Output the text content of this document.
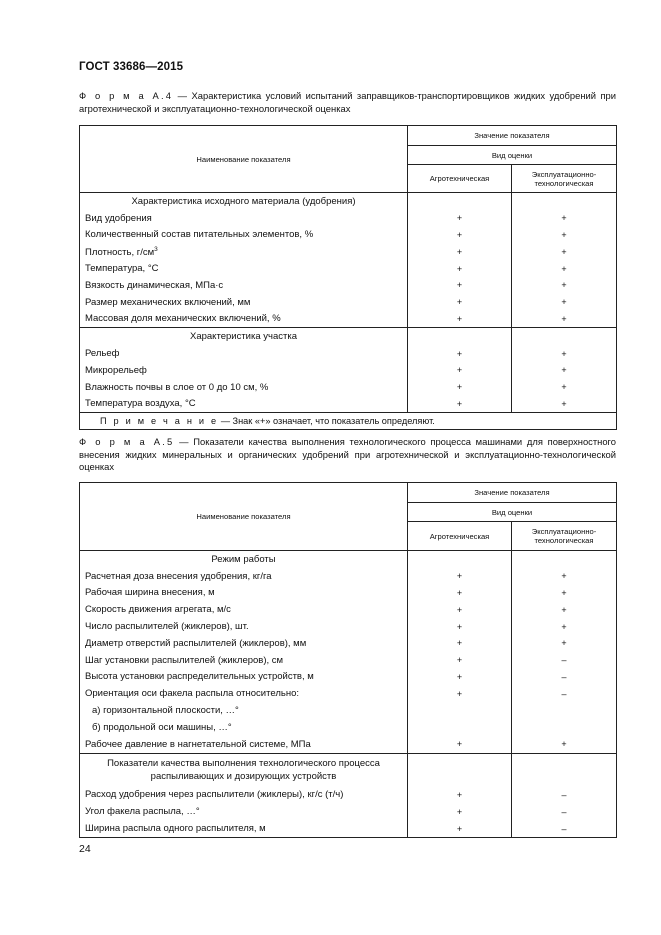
ГОСТ 33686—2015
Ф о р м а А.4 — Характеристика условий испытаний заправщиков-транспортировщиков жидких удобрений при агротехнической и эксплуатационно-технологической оценках
Наименование показателя	Значение показателя	
	Вид оценки	
	Агротехническая	Эксплуатационно-технологическая
Характеристика исходного материала (удобрения)		
Вид удобрения	+	+
Количественный состав питательных элементов, %	+	+
Плотность, $г/см^3$	+	+
Температура, °С	+	+
Вязкость динамическая, МПа·с	+	+
Размер механических включений, мм	+	+
Массовая доля механических включений, %	+	+
Характеристика участка		
Рельеф	+	+
Микрорельеф	+	+
Влажность почвы в слое от 0 до 10 см, %	+	+
Температура воздуха, °С	+	+
П р и м е ч а н и е — Знак «+» означает, что показатель определяют.		
Ф о р м а А.5 — Показатели качества выполнения технологического процесса машинами для поверхностного внесения жидких минеральных и органических удобрений при агротехнической и эксплуатационно-технологической оценках
Наименование показателя	Значение показателя	
	Вид оценки	
	Агротехническая	Эксплуатационно-технологическая
Режим работы		
Расчетная доза внесения удобрения, кг/га	+	+
Рабочая ширина внесения, м	+	+
Скорость движения агрегата, м/с	+	+
Число распылителей (жиклеров), шт.	+	+
Диаметр отверстий распылителей (жиклеров), мм	+	+
Шаг установки распылителей (жиклеров), см	+	–
Высота установки распределительных устройств, м	+	–
Ориентация оси факела распыла относительно:	+	–
а) горизонтальной плоскости, …°		
б) продольной оси машины, …°		
Рабочее давление в нагнетательной системе, МПа	+	+
Показатели качества выполнения технологического процесса распыливающих и дозирующих устройств		
Расход удобрения через распылители (жиклеры), кг/с (т/ч)	+	–
Угол факела распыла, …°	+	–
Ширина распыла одного распылителя, м	+	–
24
